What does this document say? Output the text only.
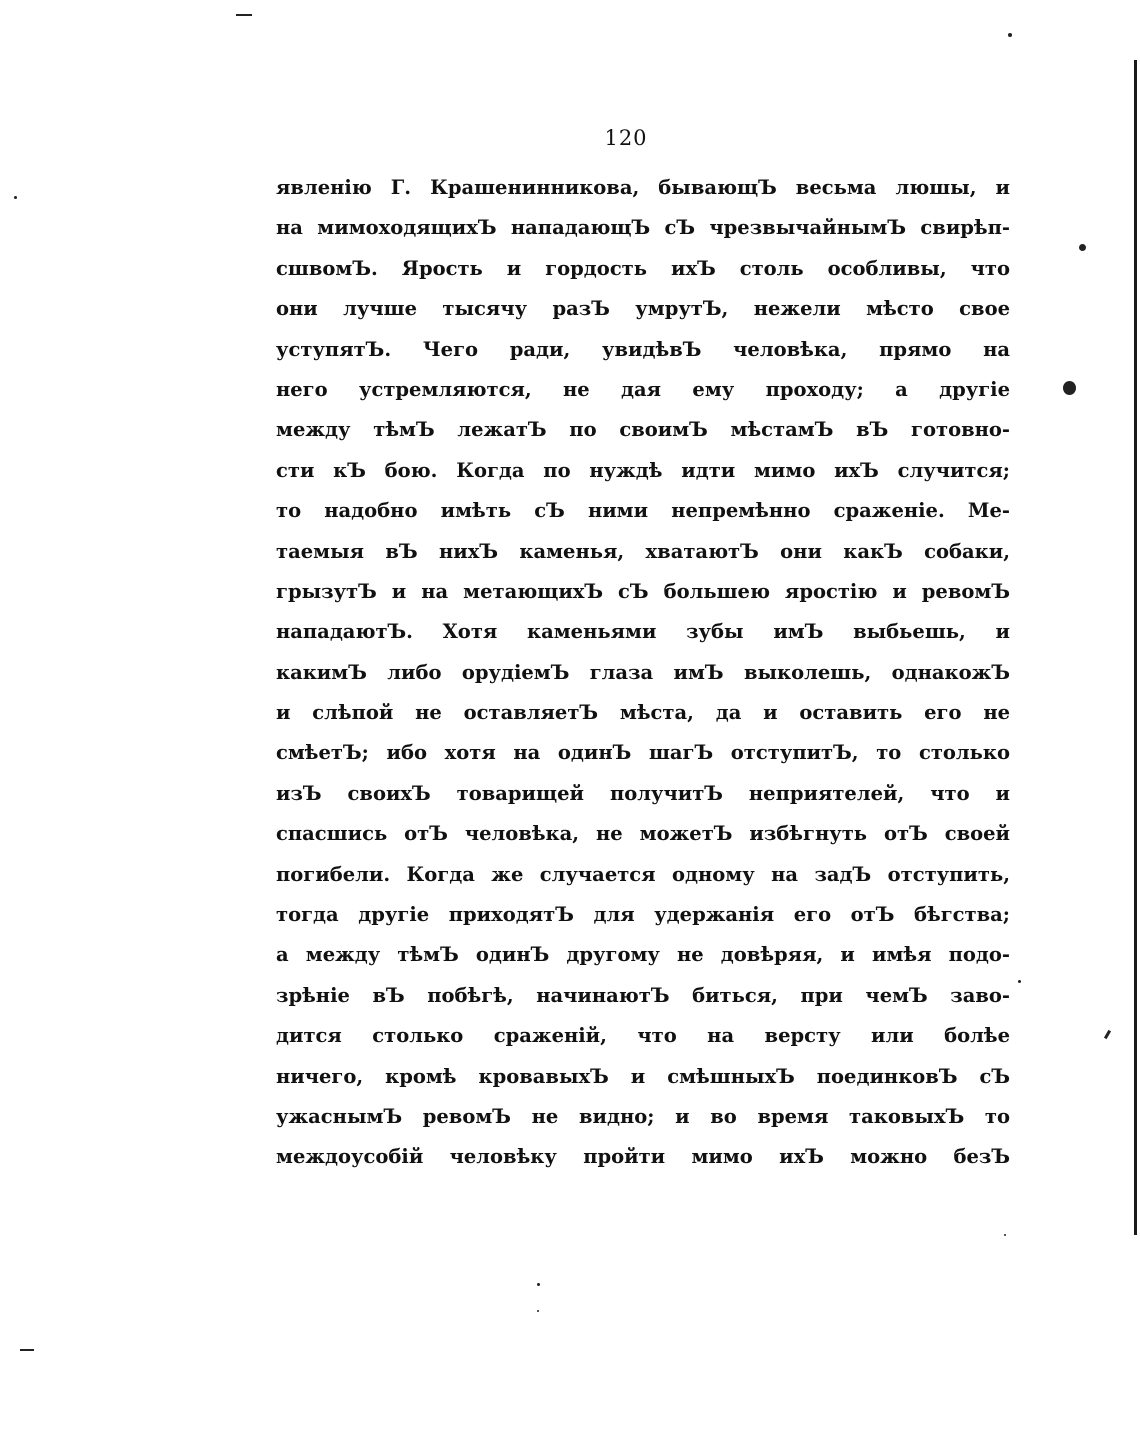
120
явленію Г. Крашенинникова, бывающЪ весьма люшы, и
на мимоходящихЪ нападающЪ сЪ чрезвычайнымЪ свирѣп-
сшвомЪ. Ярость и гордость ихЪ столь особливы, что
они лучше тысячу разЪ умрутЪ, нежели мѣсто свое
уступятЪ. Чего ради, увидѣвЪ человѣка, прямо на
него устремляются, не дая ему проходу; а другіе
между тѣмЪ лежатЪ по своимЪ мѣстамЪ вЪ готовно-
сти кЪ бою. Когда по нуждѣ идти мимо ихЪ случится;
то надобно имѣть сЪ ними непремѣнно сраженіе. Ме-
таемыя вЪ нихЪ каменья, хватаютЪ они какЪ собаки,
грызутЪ и на метающихЪ сЪ большею яростію и ревомЪ
нападаютЪ. Хотя каменьями зубы имЪ выбьешь, и
какимЪ либо орудіемЪ глаза имЪ выколешь, однакожЪ
и слѣпой не оставляетЪ мѣста, да и оставить его не
смѣетЪ; ибо хотя на одинЪ шагЪ отступитЪ, то столько
изЪ своихЪ товарищей получитЪ неприятелей, что и
спасшись отЪ человѣка, не можетЪ избѣгнуть отЪ своей
погибели. Когда же случается одному на задЪ отступить,
тогда другіе приходятЪ для удержанія его отЪ бѣгства;
а между тѣмЪ одинЪ другому не довѣряя, и имѣя подо-
зрѣніе вЪ побѣгѣ, начинаютЪ биться, при чемЪ заво-
дится столько сраженій, что на версту или болѣе
ничего, кромѣ кровавыхЪ и смѣшныхЪ поединковЪ сЪ
ужаснымЪ ревомЪ не видно; и во время таковыхЪ то
междоусобій человѣку пройти мимо ихЪ можно безЪ
